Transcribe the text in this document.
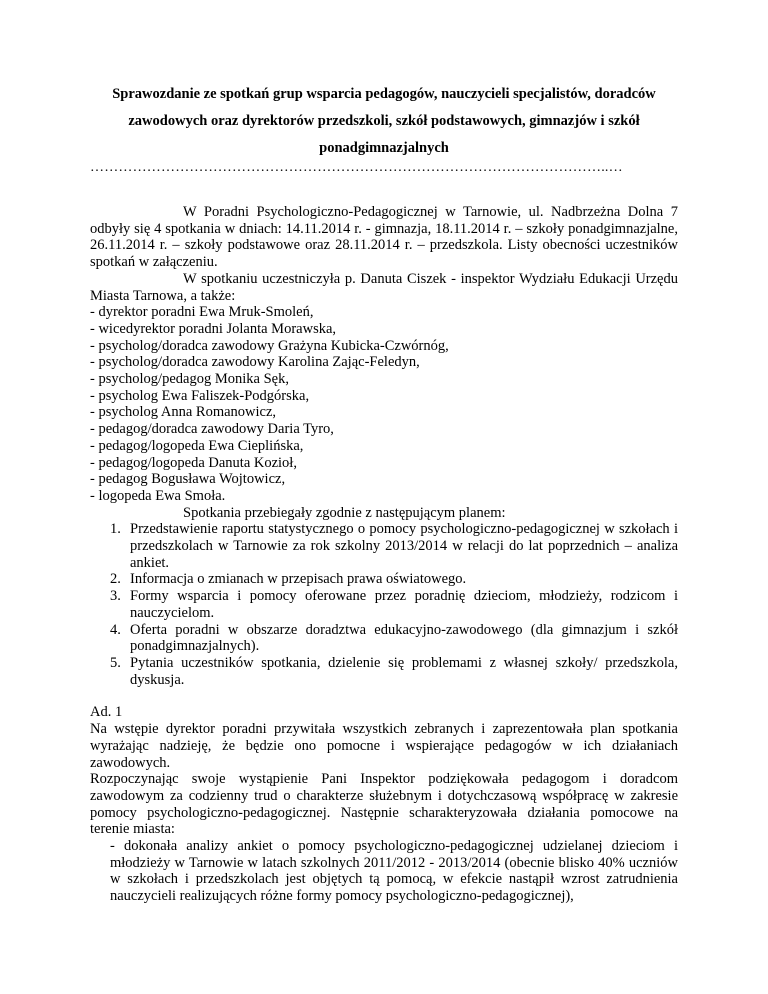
Sprawozdanie ze spotkań grup wsparcia pedagogów, nauczycieli specjalistów, doradców
zawodowych oraz dyrektorów przedszkoli, szkół podstawowych, gimnazjów i szkół
ponadgimnazjalnych
………………………………………………………………………………………………..…

W Poradni Psychologiczno-Pedagogicznej w Tarnowie, ul. Nadbrzeżna Dolna 7 odbyły się 4 spotkania w dniach: 14.11.2014 r. - gimnazja, 18.11.2014 r. – szkoły ponadgimnazjalne, 26.11.2014 r. – szkoły podstawowe oraz 28.11.2014 r. – przedszkola. Listy obecności uczestników spotkań w załączeniu.

W spotkaniu uczestniczyła p. Danuta Ciszek - inspektor Wydziału Edukacji Urzędu Miasta Tarnowa, a także:

- dyrektor poradni Ewa Mruk-Smoleń,
- wicedyrektor poradni Jolanta Morawska,
- psycholog/doradca zawodowy Grażyna Kubicka-Czwórnóg,
- psycholog/doradca zawodowy Karolina Zając-Feledyn,
- psycholog/pedagog Monika Sęk,
- psycholog Ewa Faliszek-Podgórska,
- psycholog Anna Romanowicz,
- pedagog/doradca zawodowy Daria Tyro,
- pedagog/logopeda Ewa Cieplińska,
- pedagog/logopeda Danuta Kozioł,
- pedagog Bogusława Wojtowicz,
- logopeda Ewa Smoła.

Spotkania przebiegały zgodnie z następującym planem:

1. Przedstawienie raportu statystycznego o pomocy psychologiczno-pedagogicznej w szkołach i przedszkolach w Tarnowie za rok szkolny 2013/2014 w relacji do lat poprzednich – analiza ankiet.
2. Informacja o zmianach w przepisach prawa oświatowego.
3. Formy wsparcia i pomocy oferowane przez poradnię dzieciom, młodzieży, rodzicom i nauczycielom.
4. Oferta poradni w obszarze doradztwa edukacyjno-zawodowego (dla gimnazjum i szkół ponadgimnazjalnych).
5. Pytania uczestników spotkania, dzielenie się problemami z własnej szkoły/ przedszkola, dyskusja.

Ad. 1

Na wstępie dyrektor poradni przywitała wszystkich zebranych i zaprezentowała plan spotkania wyrażając nadzieję, że będzie ono pomocne i wspierające pedagogów w ich działaniach zawodowych.

Rozpoczynając swoje wystąpienie Pani Inspektor podziękowała pedagogom i doradcom zawodowym za codzienny trud o charakterze służebnym i dotychczasową współpracę w zakresie pomocy psychologiczno-pedagogicznej. Następnie scharakteryzowała działania pomocowe na terenie miasta:

- dokonała analizy ankiet o pomocy psychologiczno-pedagogicznej udzielanej dzieciom i młodzieży w Tarnowie w latach szkolnych 2011/2012 - 2013/2014 (obecnie blisko 40% uczniów w szkołach i przedszkolach jest objętych tą pomocą, w efekcie nastąpił wzrost zatrudnienia nauczycieli realizujących różne formy pomocy psychologiczno-pedagogicznej),
